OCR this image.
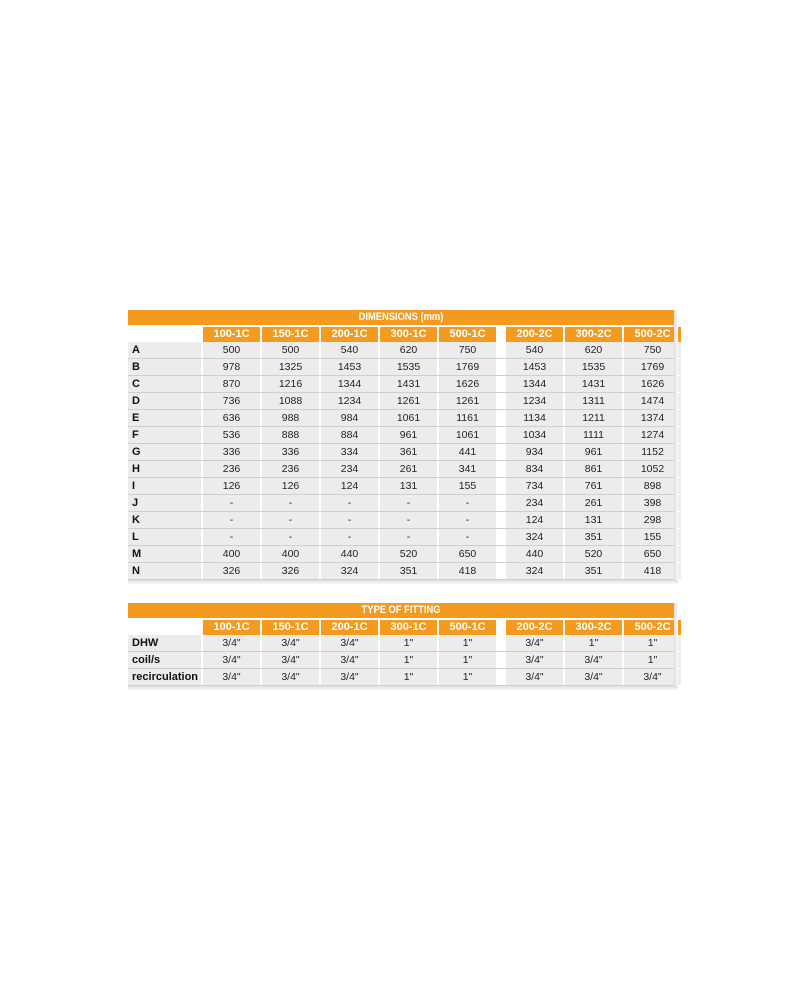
DIMENSIONS (mm)
100-1C	150-1C	200-1C	300-1C	500-1C	200-2C	300-2C	500-2C
A	500	500	540	620	750	540	620	750
B	978	1325	1453	1535	1769	1453	1535	1769
C	870	1216	1344	1431	1626	1344	1431	1626
D	736	1088	1234	1261	1261	1234	1311	1474
E	636	988	984	1061	1161	1134	1211	1374
F	536	888	884	961	1061	1034	1111	1274
G	336	336	334	361	441	934	961	1152
H	236	236	234	261	341	834	861	1052
I	126	126	124	131	155	734	761	898
J	-	-	-	-	-	234	261	398
K	-	-	-	-	-	124	131	298
L	-	-	-	-	-	324	351	155
M	400	400	440	520	650	440	520	650
N	326	326	324	351	418	324	351	418
TYPE OF FITTING
100-1C	150-1C	200-1C	300-1C	500-1C	200-2C	300-2C	500-2C
DHW	3/4"	3/4"	3/4"	1"	1"	3/4"	1"	1"
coil/s	3/4"	3/4"	3/4"	1"	1"	3/4"	3/4"	1"
recirculation	3/4"	3/4"	3/4"	1"	1"	3/4"	3/4"	3/4"
